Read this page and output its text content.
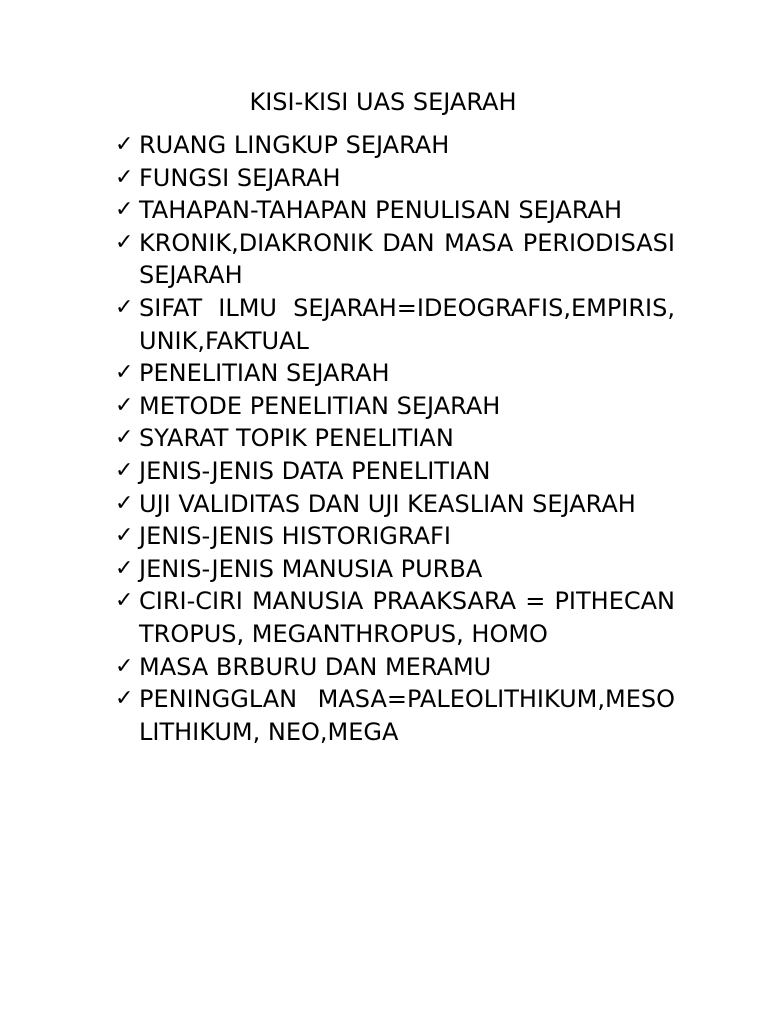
KISI-KISI UAS SEJARAH
✓ RUANG LINGKUP SEJARAH
✓ FUNGSI SEJARAH
✓ TAHAPAN-TAHAPAN PENULISAN SEJARAH
✓ KRONIK,DIAKRONIK DAN MASA PERIODISASI SEJARAH
✓ SIFAT ILMU SEJARAH=IDEOGRAFIS,EMPIRIS,UNIK,FAKTUAL
✓ PENELITIAN SEJARAH
✓ METODE PENELITIAN SEJARAH
✓ SYARAT TOPIK PENELITIAN
✓ JENIS-JENIS DATA PENELITIAN
✓ UJI VALIDITAS DAN UJI KEASLIAN SEJARAH
✓ JENIS-JENIS HISTORIGRAFI
✓ JENIS-JENIS MANUSIA PURBA
✓ CIRI-CIRI MANUSIA PRAAKSARA = PITHECANTROPUS, MEGANTHROPUS, HOMO
✓ MASA BRBURU DAN MERAMU
✓ PENINGGLAN MASA=PALEOLITHIKUM,MESOLITHIKUM, NEO,MEGA
